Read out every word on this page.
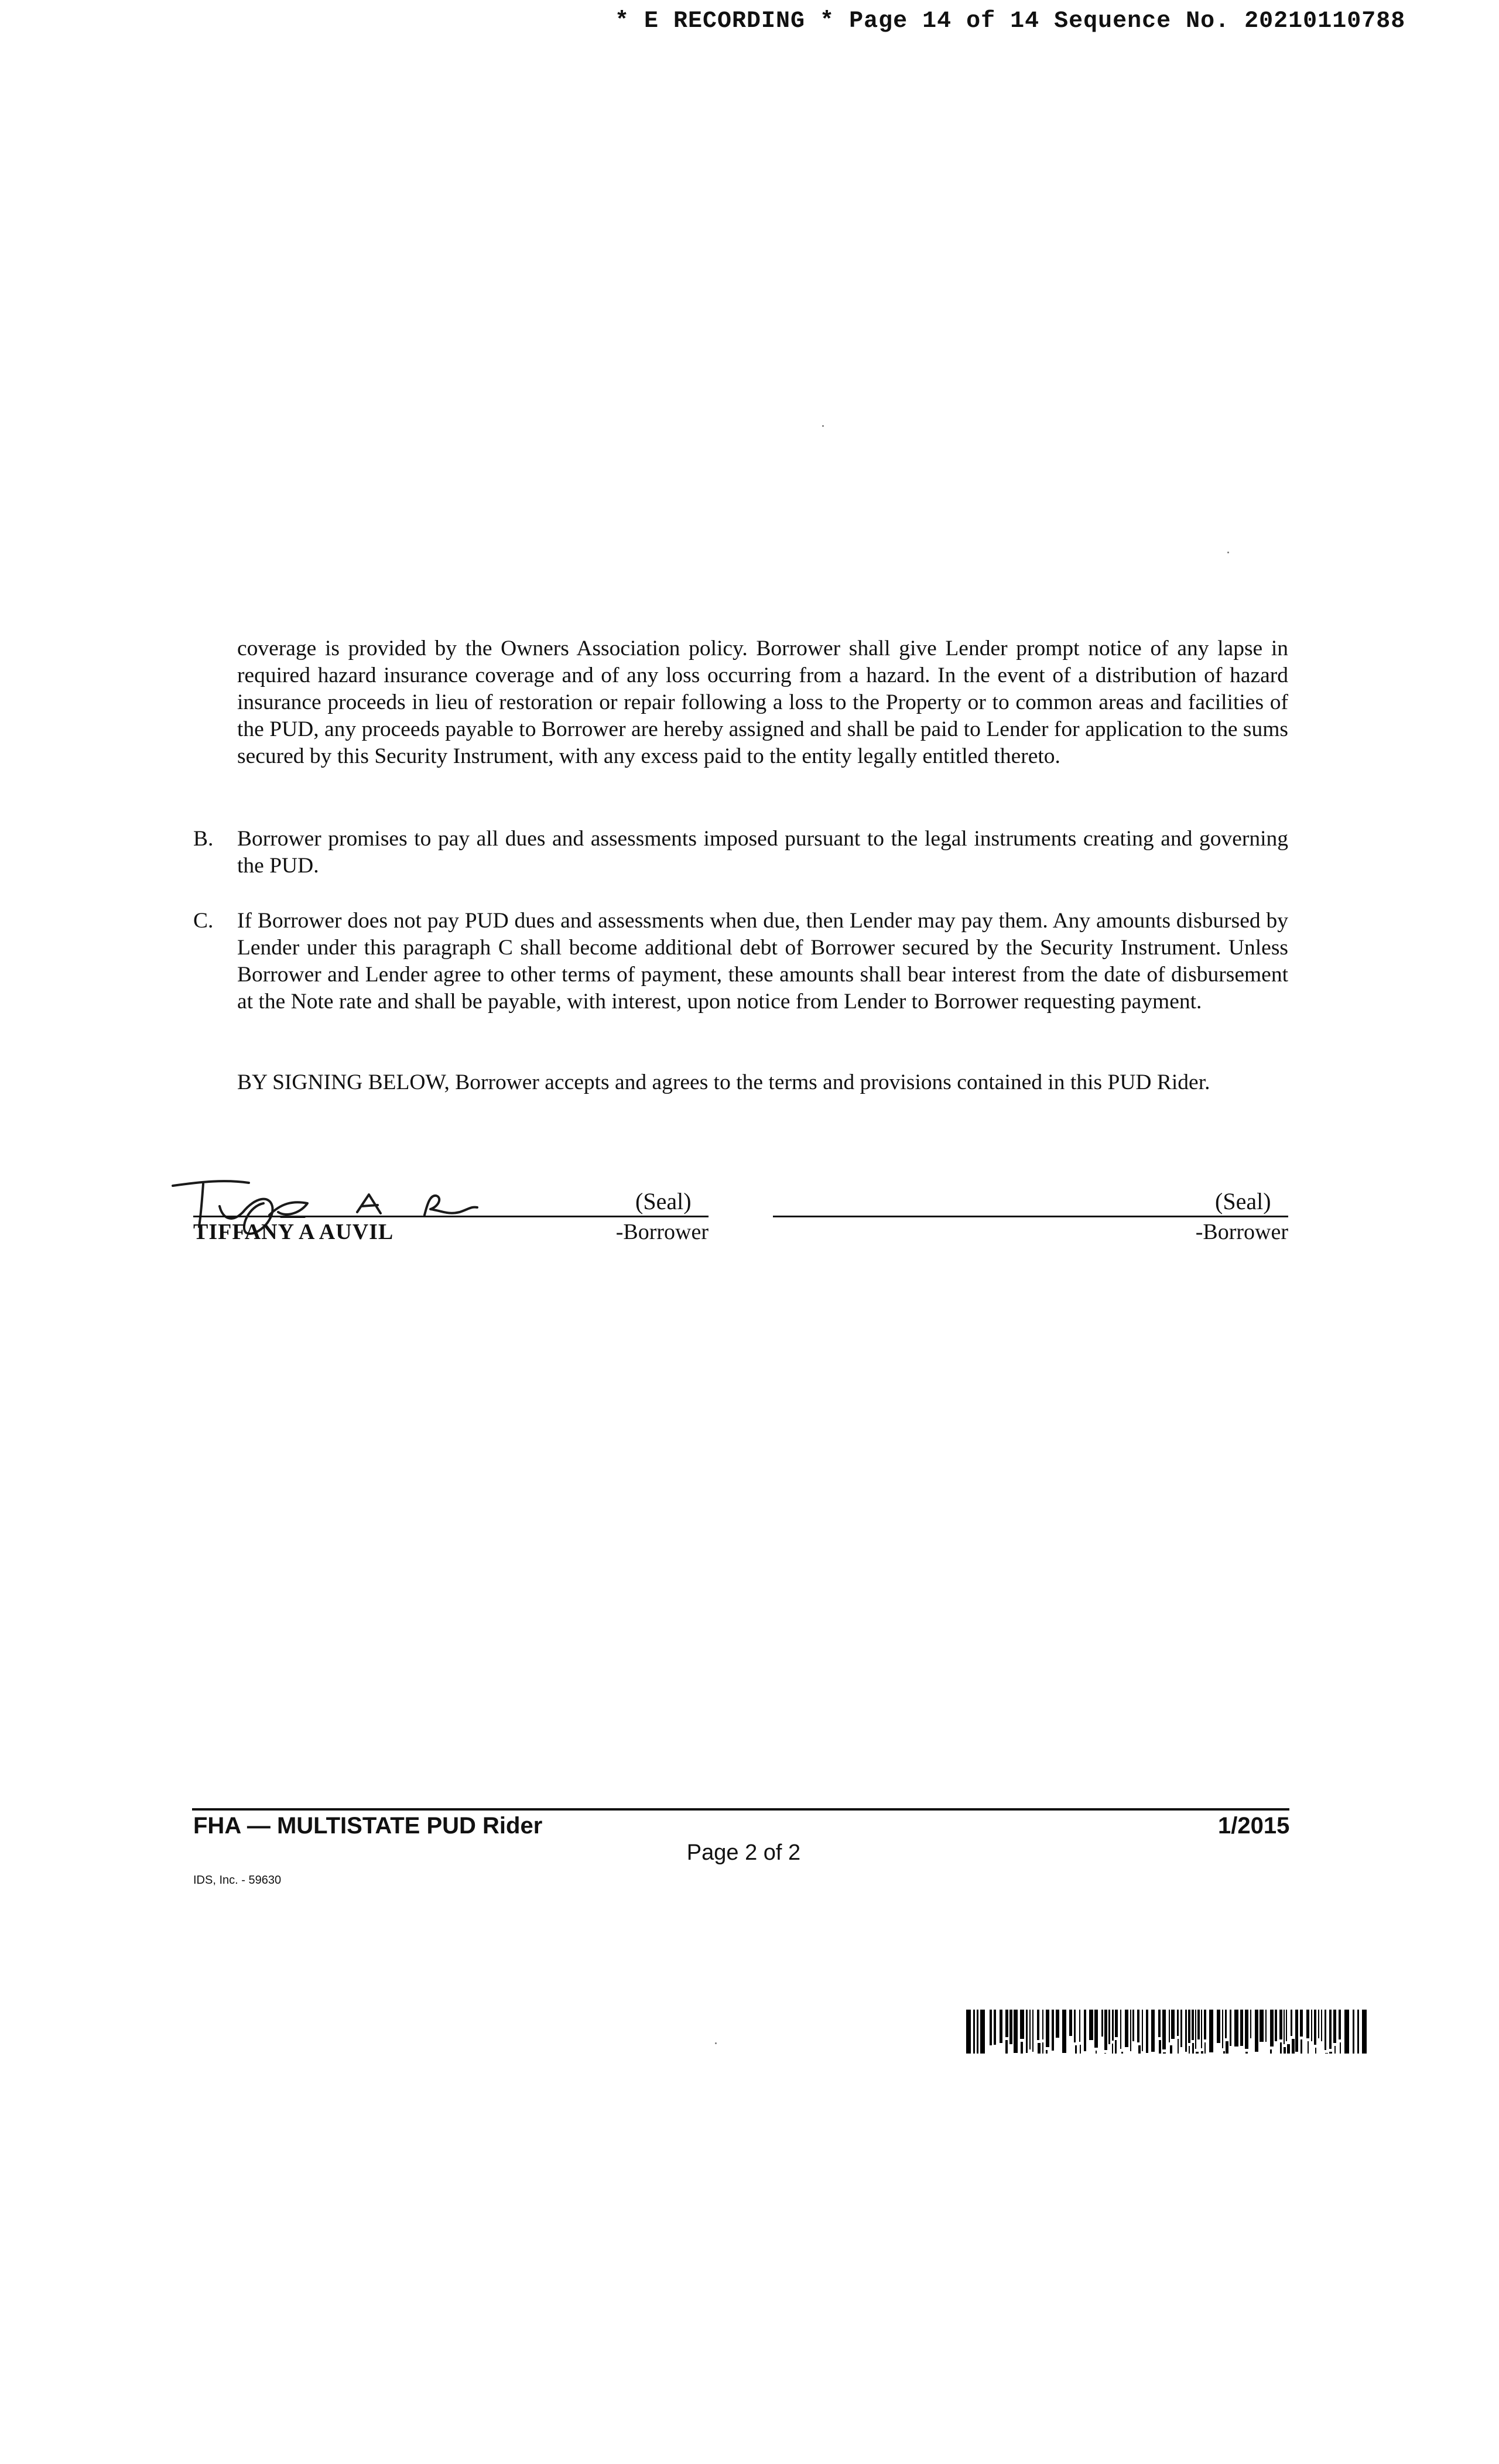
* E RECORDING * Page 14 of 14 Sequence No. 20210110788
coverage is provided by the Owners Association policy. Borrower shall give Lender prompt notice of any lapse in required hazard insurance coverage and of any loss occurring from a hazard. In the event of a distribution of hazard insurance proceeds in lieu of restoration or repair following a loss to the Property or to common areas and facilities of the PUD, any proceeds payable to Borrower are hereby assigned and shall be paid to Lender for application to the sums secured by this Security Instrument, with any excess paid to the entity legally entitled thereto.
B. Borrower promises to pay all dues and assessments imposed pursuant to the legal instruments creating and governing the PUD.
C. If Borrower does not pay PUD dues and assessments when due, then Lender may pay them. Any amounts disbursed by Lender under this paragraph C shall become additional debt of Borrower secured by the Security Instrument. Unless Borrower and Lender agree to other terms of payment, these amounts shall bear interest from the date of disbursement at the Note rate and shall be payable, with interest, upon notice from Lender to Borrower requesting payment.
BY SIGNING BELOW, Borrower accepts and agrees to the terms and provisions contained in this PUD Rider.
(Seal)
TIFFANY A AUVIL	-Borrower
(Seal)
-Borrower
FHA — MULTISTATE PUD Rider	1/2015
Page 2 of 2
IDS, Inc. - 59630
